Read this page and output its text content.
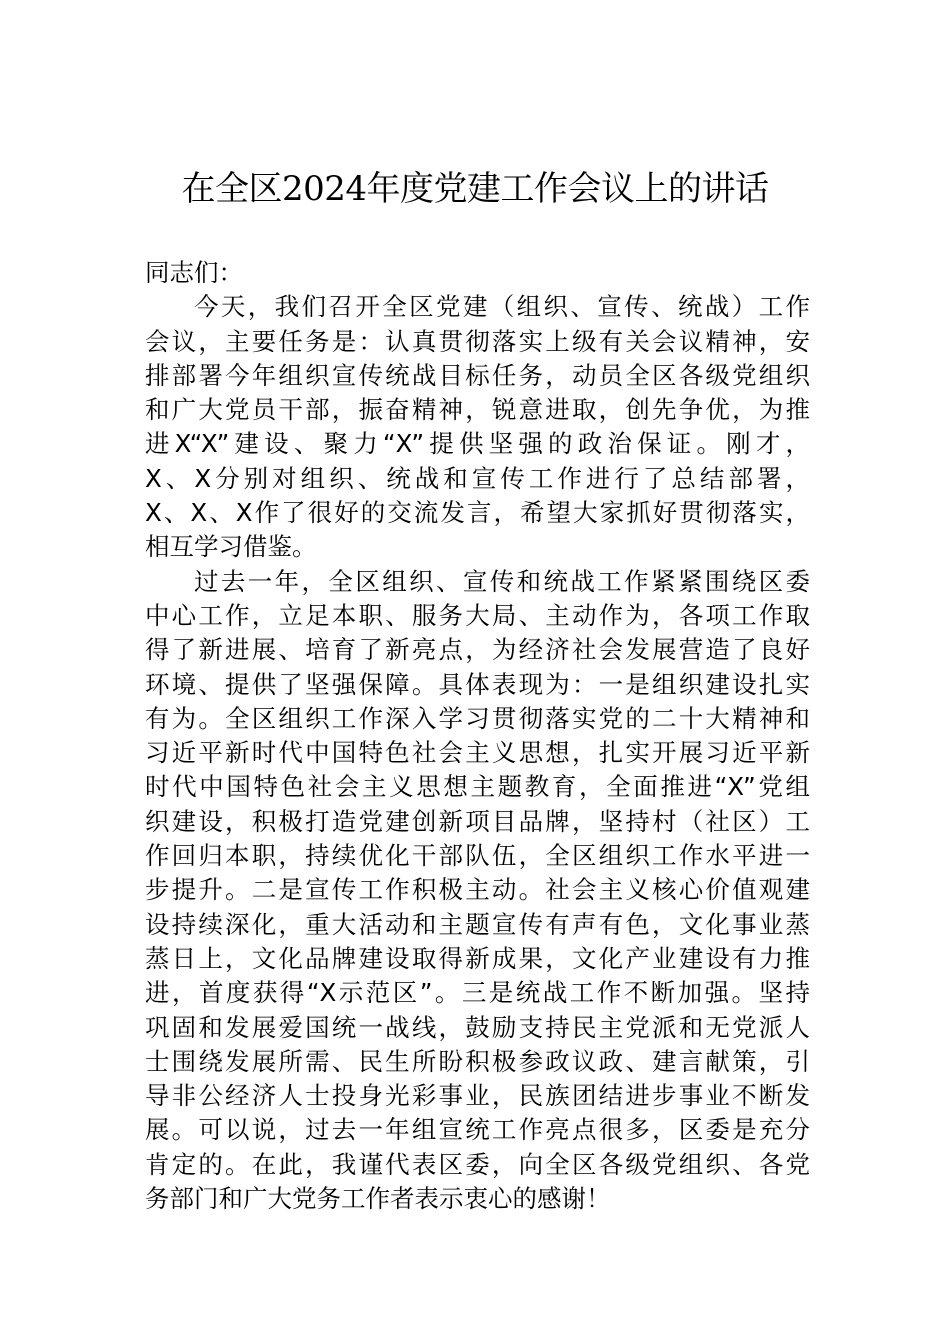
在全区2024年度党建工作会议上的讲话
同志们：
今天，我们召开全区党建（组织、宣传、统战）工作
会议，主要任务是：认真贯彻落实上级有关会议精神，安
排部署今年组织宣传统战目标任务，动员全区各级党组织
和广大党员干部，振奋精神，锐意进取，创先争优，为推
进X“X”建设、聚力“X”提供坚强的政治保证。刚才，
X、X分别对组织、统战和宣传工作进行了总结部署，
X、X、X作了很好的交流发言，希望大家抓好贯彻落实，
相互学习借鉴。
过去一年，全区组织、宣传和统战工作紧紧围绕区委
中心工作，立足本职、服务大局、主动作为，各项工作取
得了新进展、培育了新亮点，为经济社会发展营造了良好
环境、提供了坚强保障。具体表现为：一是组织建设扎实
有为。全区组织工作深入学习贯彻落实党的二十大精神和
习近平新时代中国特色社会主义思想，扎实开展习近平新
时代中国特色社会主义思想主题教育，全面推进“X”党组
织建设，积极打造党建创新项目品牌，坚持村（社区）工
作回归本职，持续优化干部队伍，全区组织工作水平进一
步提升。二是宣传工作积极主动。社会主义核心价值观建
设持续深化，重大活动和主题宣传有声有色，文化事业蒸
蒸日上，文化品牌建设取得新成果，文化产业建设有力推
进，首度获得“X示范区”。三是统战工作不断加强。坚持
巩固和发展爱国统一战线，鼓励支持民主党派和无党派人
士围绕发展所需、民生所盼积极参政议政、建言献策，引
导非公经济人士投身光彩事业，民族团结进步事业不断发
展。可以说，过去一年组宣统工作亮点很多，区委是充分
肯定的。在此，我谨代表区委，向全区各级党组织、各党
务部门和广大党务工作者表示衷心的感谢！
